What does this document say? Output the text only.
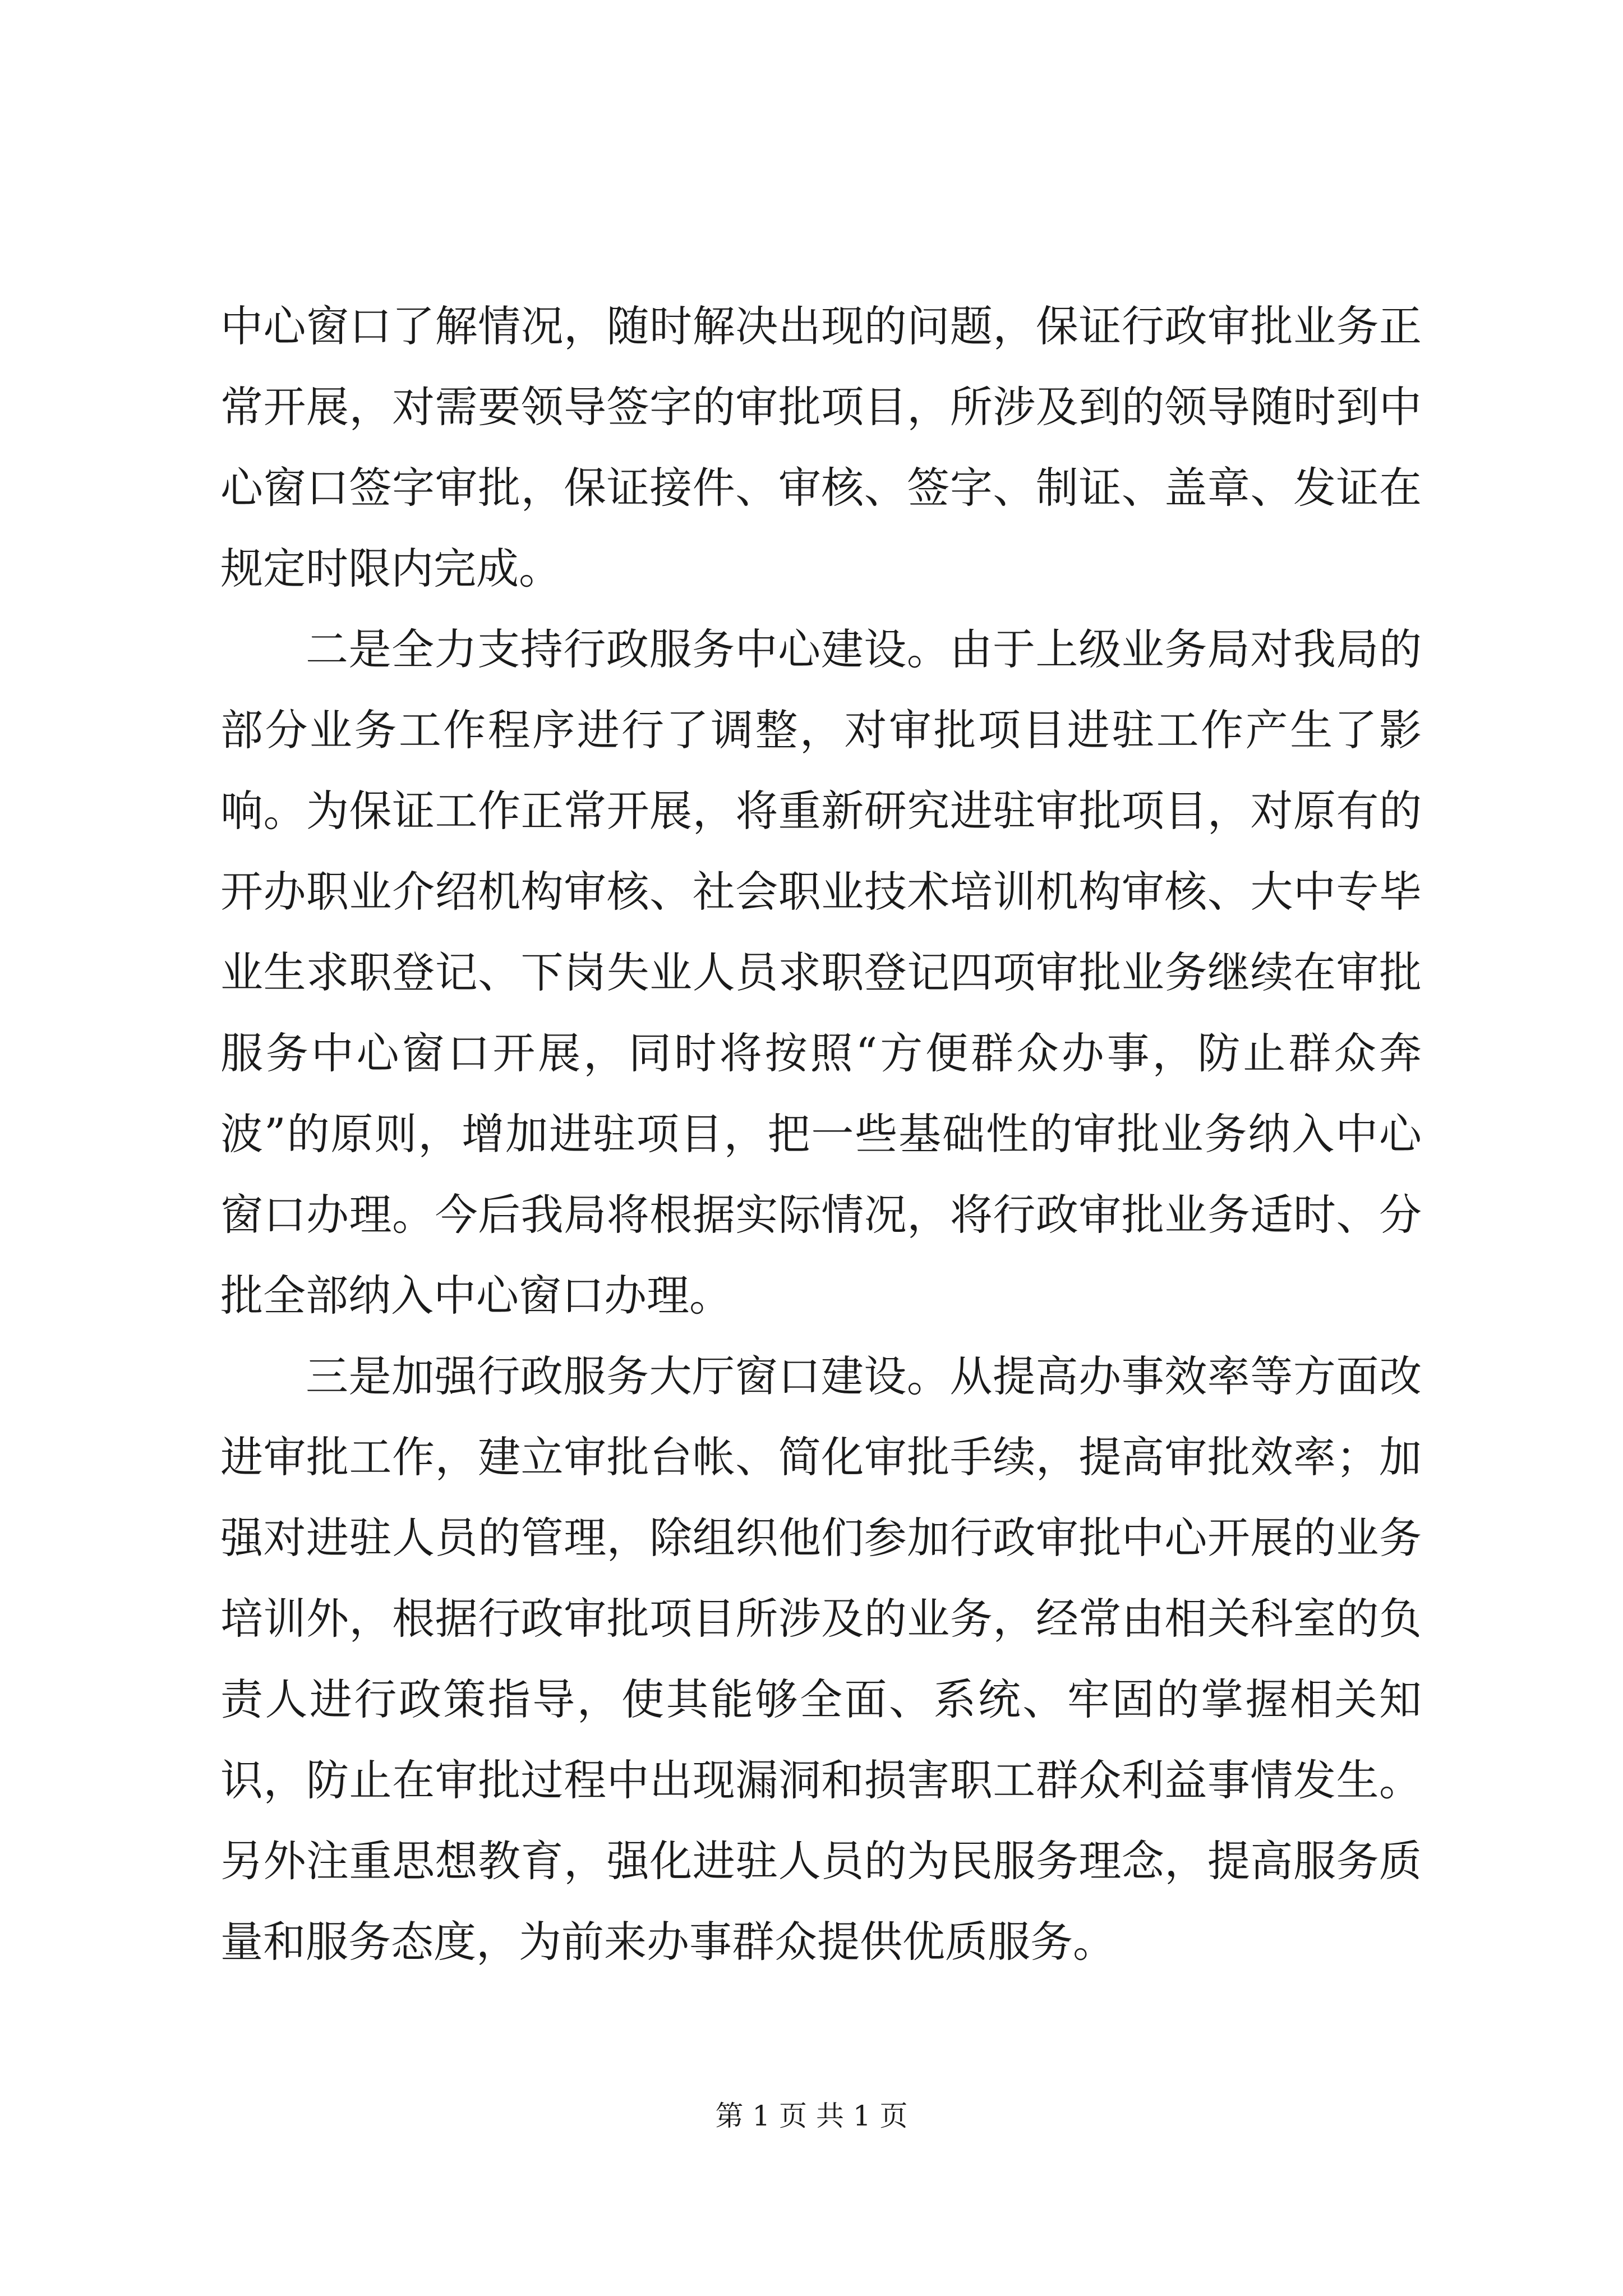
中心窗口了解情况，随时解决出现的问题，保证行政审批业务正常开展，对需要领导签字的审批项目，所涉及到的领导随时到中心窗口签字审批，保证接件、审核、签字、制证、盖章、发证在规定时限内完成。

二是全力支持行政服务中心建设。由于上级业务局对我局的部分业务工作程序进行了调整，对审批项目进驻工作产生了影响。为保证工作正常开展，将重新研究进驻审批项目，对原有的开办职业介绍机构审核、社会职业技术培训机构审核、大中专毕业生求职登记、下岗失业人员求职登记四项审批业务继续在审批服务中心窗口开展，同时将按照“方便群众办事，防止群众奔波”的原则，增加进驻项目，把一些基础性的审批业务纳入中心窗口办理。今后我局将根据实际情况，将行政审批业务适时、分批全部纳入中心窗口办理。

三是加强行政服务大厅窗口建设。从提高办事效率等方面改进审批工作，建立审批台帐、简化审批手续，提高审批效率；加强对进驻人员的管理，除组织他们参加行政审批中心开展的业务培训外，根据行政审批项目所涉及的业务，经常由相关科室的负责人进行政策指导，使其能够全面、系统、牢固的掌握相关知识，防止在审批过程中出现漏洞和损害职工群众利益事情发生。另外注重思想教育，强化进驻人员的为民服务理念，提高服务质量和服务态度，为前来办事群众提供优质服务。

第 1 页 共 1 页
